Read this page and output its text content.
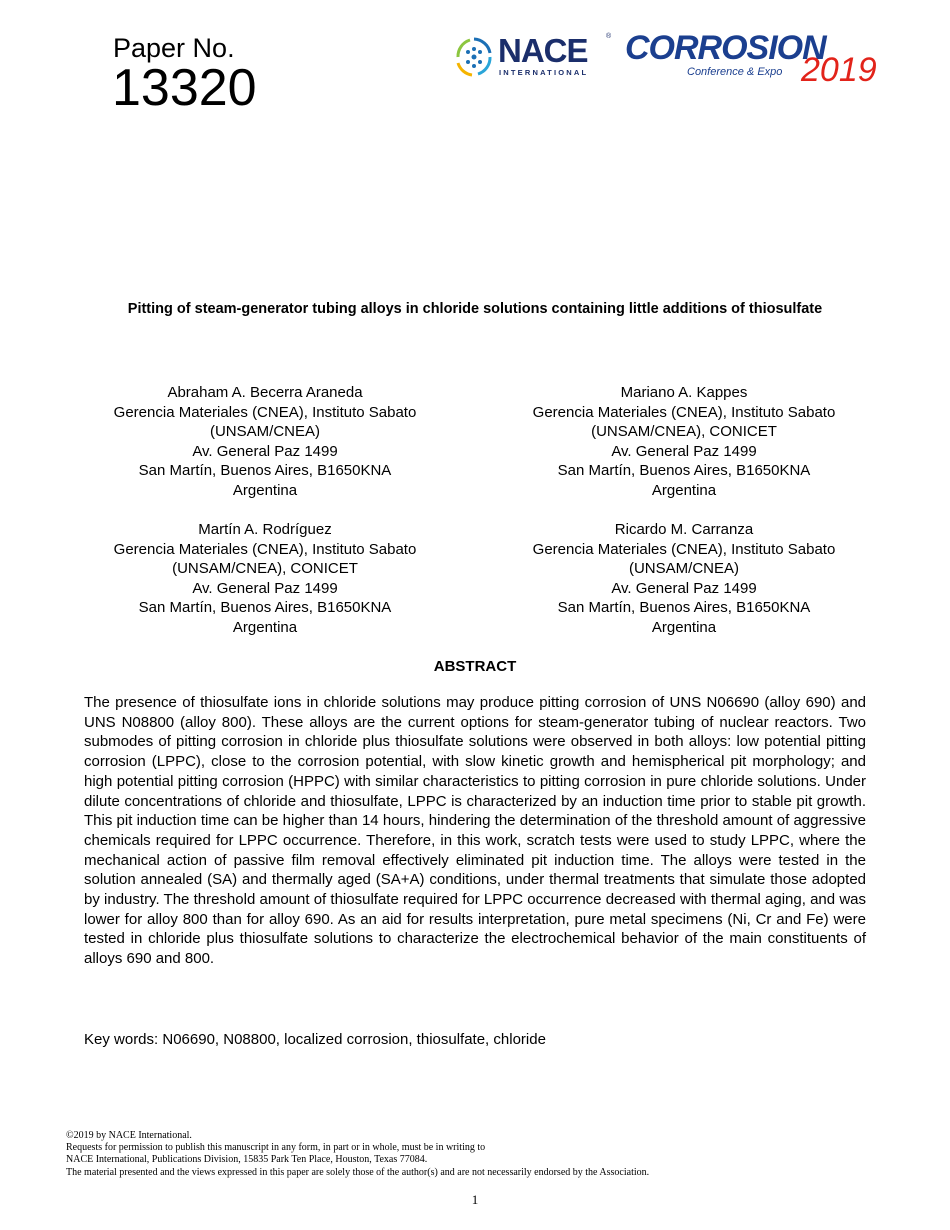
Paper No.
13320
NACE	®
INTERNATIONAL
CORROSION
Conference & Expo 2019
Pitting of steam-generator tubing alloys in chloride solutions containing little additions of thiosulfate
Abraham A. Becerra Araneda
Gerencia Materiales (CNEA), Instituto Sabato
(UNSAM/CNEA)
Av. General Paz 1499
San Martín, Buenos Aires, B1650KNA
Argentina
Mariano A. Kappes
Gerencia Materiales (CNEA), Instituto Sabato
(UNSAM/CNEA), CONICET
Av. General Paz 1499
San Martín, Buenos Aires, B1650KNA
Argentina
Martín A. Rodríguez
Gerencia Materiales (CNEA), Instituto Sabato
(UNSAM/CNEA), CONICET
Av. General Paz 1499
San Martín, Buenos Aires, B1650KNA
Argentina
Ricardo M. Carranza
Gerencia Materiales (CNEA), Instituto Sabato
(UNSAM/CNEA)
Av. General Paz 1499
San Martín, Buenos Aires, B1650KNA
Argentina
ABSTRACT
The presence of thiosulfate ions in chloride solutions may produce pitting corrosion of UNS N06690 (alloy 690) and UNS N08800 (alloy 800). These alloys are the current options for steam-generator tubing of nuclear reactors. Two submodes of pitting corrosion in chloride plus thiosulfate solutions were observed in both alloys: low potential pitting corrosion (LPPC), close to the corrosion potential, with slow kinetic growth and hemispherical pit morphology; and high potential pitting corrosion (HPPC) with similar characteristics to pitting corrosion in pure chloride solutions. Under dilute concentrations of chloride and thiosulfate, LPPC is characterized by an induction time prior to stable pit growth. This pit induction time can be higher than 14 hours, hindering the determination of the threshold amount of aggressive chemicals required for LPPC occurrence. Therefore, in this work, scratch tests were used to study LPPC, where the mechanical action of passive film removal effectively eliminated pit induction time. The alloys were tested in the solution annealed (SA) and thermally aged (SA+A) conditions, under thermal treatments that simulate those adopted by industry. The threshold amount of thiosulfate required for LPPC occurrence decreased with thermal aging, and was lower for alloy 800 than for alloy 690. As an aid for results interpretation, pure metal specimens (Ni, Cr and Fe) were tested in chloride plus thiosulfate solutions to characterize the electrochemical behavior of the main constituents of alloys 690 and 800.
Key words: N06690, N08800, localized corrosion, thiosulfate, chloride
©2019 by NACE International.
Requests for permission to publish this manuscript in any form, in part or in whole, must be in writing to
NACE International, Publications Division, 15835 Park Ten Place, Houston, Texas 77084.
The material presented and the views expressed in this paper are solely those of the author(s) and are not necessarily endorsed by the Association.
1
